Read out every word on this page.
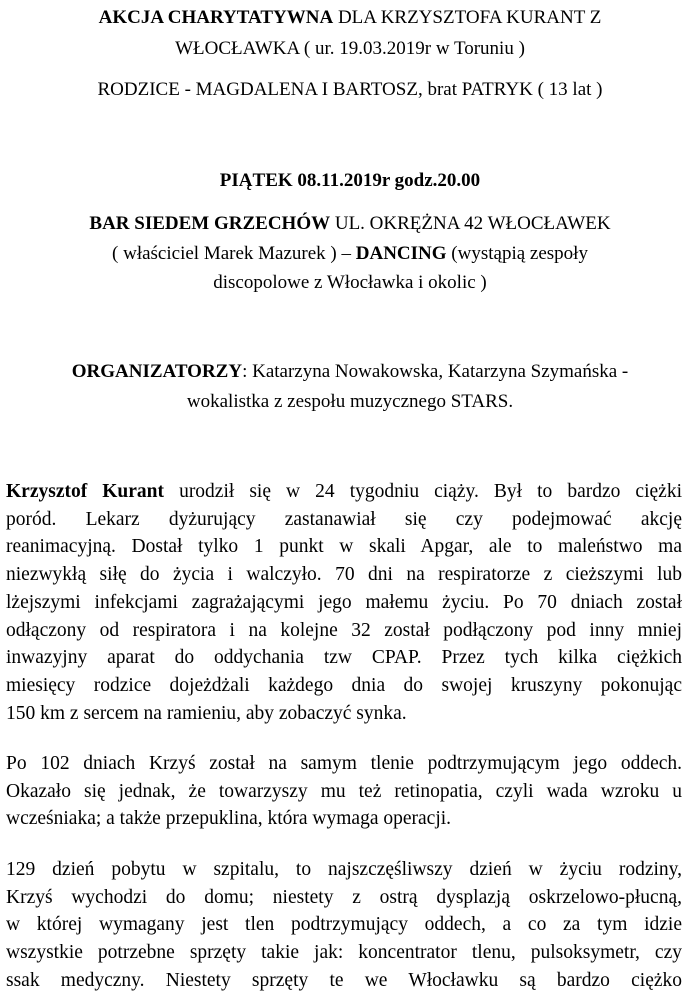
AKCJA CHARYTATYWNA DLA KRZYSZTOFA KURANT Z
WŁOCŁAWKA ( ur. 19.03.2019r w Toruniu )
RODZICE - MAGDALENA I BARTOSZ, brat PATRYK ( 13 lat )
PIĄTEK 08.11.2019r godz.20.00
BAR SIEDEM GRZECHÓW UL. OKRĘŻNA 42 WŁOCŁAWEK
( właściciel Marek Mazurek ) – DANCING (wystąpią zespoły
discopolowe z Włocławka i okolic )
ORGANIZATORZY: Katarzyna Nowakowska, Katarzyna Szymańska -
wokalistka z zespołu muzycznego STARS.
Krzysztof Kurant urodził się w 24 tygodniu ciąży. Był to bardzo ciężki
poród. Lekarz dyżurujący zastanawiał się czy podejmować akcję
reanimacyjną. Dostał tylko 1 punkt w skali Apgar, ale to maleństwo ma
niezwykłą siłę do życia i walczyło. 70 dni na respiratorze z cieższymi lub
lżejszymi infekcjami zagrażającymi jego małemu życiu. Po 70 dniach został
odłączony od respiratora i na kolejne 32 został podłączony pod inny mniej
inwazyjny aparat do oddychania tzw CPAP. Przez tych kilka ciężkich
miesięcy rodzice dojeżdżali każdego dnia do swojej kruszyny pokonując
150 km z sercem na ramieniu, aby zobaczyć synka.
Po 102 dniach Krzyś został na samym tlenie podtrzymującym jego oddech.
Okazało się jednak, że towarzyszy mu też retinopatia, czyli wada wzroku u
wcześniaka; a także przepuklina, która wymaga operacji.
129 dzień pobytu w szpitalu, to najszczęśliwszy dzień w życiu rodziny,
Krzyś wychodzi do domu; niestety z ostrą dysplazją oskrzelowo-płucną,
w której wymagany jest tlen podtrzymujący oddech, a co za tym idzie
wszystkie potrzebne sprzęty takie jak: koncentrator tlenu, pulsoksymetr, czy
ssak medyczny. Niestety sprzęty te we Włocławku są bardzo ciężko
